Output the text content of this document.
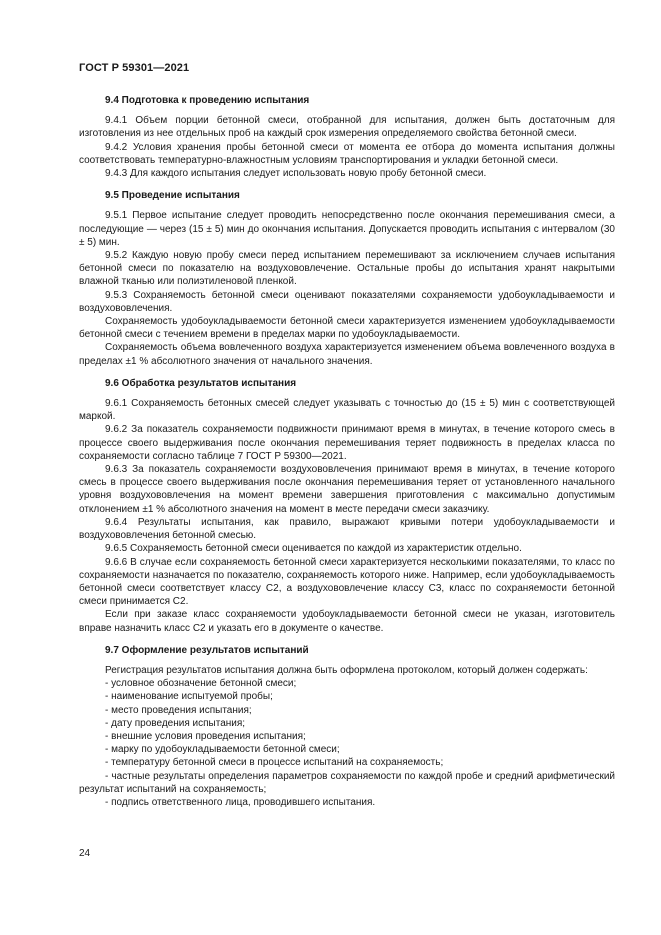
ГОСТ Р 59301—2021
9.4 Подготовка к проведению испытания

9.4.1 Объем порции бетонной смеси, отобранной для испытания, должен быть достаточным для изготовления из нее отдельных проб на каждый срок измерения определяемого свойства бетонной смеси.

9.4.2 Условия хранения пробы бетонной смеси от момента ее отбора до момента испытания должны соответствовать температурно-влажностным условиям транспортирования и укладки бетонной смеси.

9.4.3 Для каждого испытания следует использовать новую пробу бетонной смеси.

9.5 Проведение испытания

9.5.1 Первое испытание следует проводить непосредственно после окончания перемешивания смеси, а последующие — через (15 ± 5) мин до окончания испытания. Допускается проводить испытания с интервалом (30 ± 5) мин.

9.5.2 Каждую новую пробу смеси перед испытанием перемешивают за исключением случаев испытания бетонной смеси по показателю на воздухововлечение. Остальные пробы до испытания хранят накрытыми влажной тканью или полиэтиленовой пленкой.

9.5.3 Сохраняемость бетонной смеси оценивают показателями сохраняемости удобоукладываемости и воздухововлечения.

Сохраняемость удобоукладываемости бетонной смеси характеризуется изменением удобоукладываемости бетонной смеси с течением времени в пределах марки по удобоукладываемости.

Сохраняемость объема вовлеченного воздуха характеризуется изменением объема вовлеченного воздуха в пределах ±1 % абсолютного значения от начального значения.

9.6 Обработка результатов испытания

9.6.1 Сохраняемость бетонных смесей следует указывать с точностью до (15 ± 5) мин с соответствующей маркой.

9.6.2 За показатель сохраняемости подвижности принимают время в минутах, в течение которого смесь в процессе своего выдерживания после окончания перемешивания теряет подвижность в пределах класса по сохраняемости согласно таблице 7 ГОСТ Р 59300—2021.

9.6.3 За показатель сохраняемости воздухововлечения принимают время в минутах, в течение которого смесь в процессе своего выдерживания после окончания перемешивания теряет от установленного начального уровня воздухововлечения на момент времени завершения приготовления с максимально допустимым отклонением ±1 % абсолютного значения на момент в месте передачи смеси заказчику.

9.6.4 Результаты испытания, как правило, выражают кривыми потери удобоукладываемости и воздухововлечения бетонной смесью.

9.6.5 Сохраняемость бетонной смеси оценивается по каждой из характеристик отдельно.

9.6.6 В случае если сохраняемость бетонной смеси характеризуется несколькими показателями, то класс по сохраняемости назначается по показателю, сохраняемость которого ниже. Например, если удобоукладываемость бетонной смеси соответствует классу С2, а воздухововлечение классу С3, класс по сохраняемости бетонной смеси принимается С2.

Если при заказе класс сохраняемости удобоукладываемости бетонной смеси не указан, изготовитель вправе назначить класс С2 и указать его в документе о качестве.

9.7 Оформление результатов испытаний

Регистрация результатов испытания должна быть оформлена протоколом, который должен содержать:

- условное обозначение бетонной смеси;

- наименование испытуемой пробы;

- место проведения испытания;

- дату проведения испытания;

- внешние условия проведения испытания;

- марку по удобоукладываемости бетонной смеси;

- температуру бетонной смеси в процессе испытаний на сохраняемость;

- частные результаты определения параметров сохраняемости по каждой пробе и средний арифметический результат испытаний на сохраняемость;

- подпись ответственного лица, проводившего испытания.

24
